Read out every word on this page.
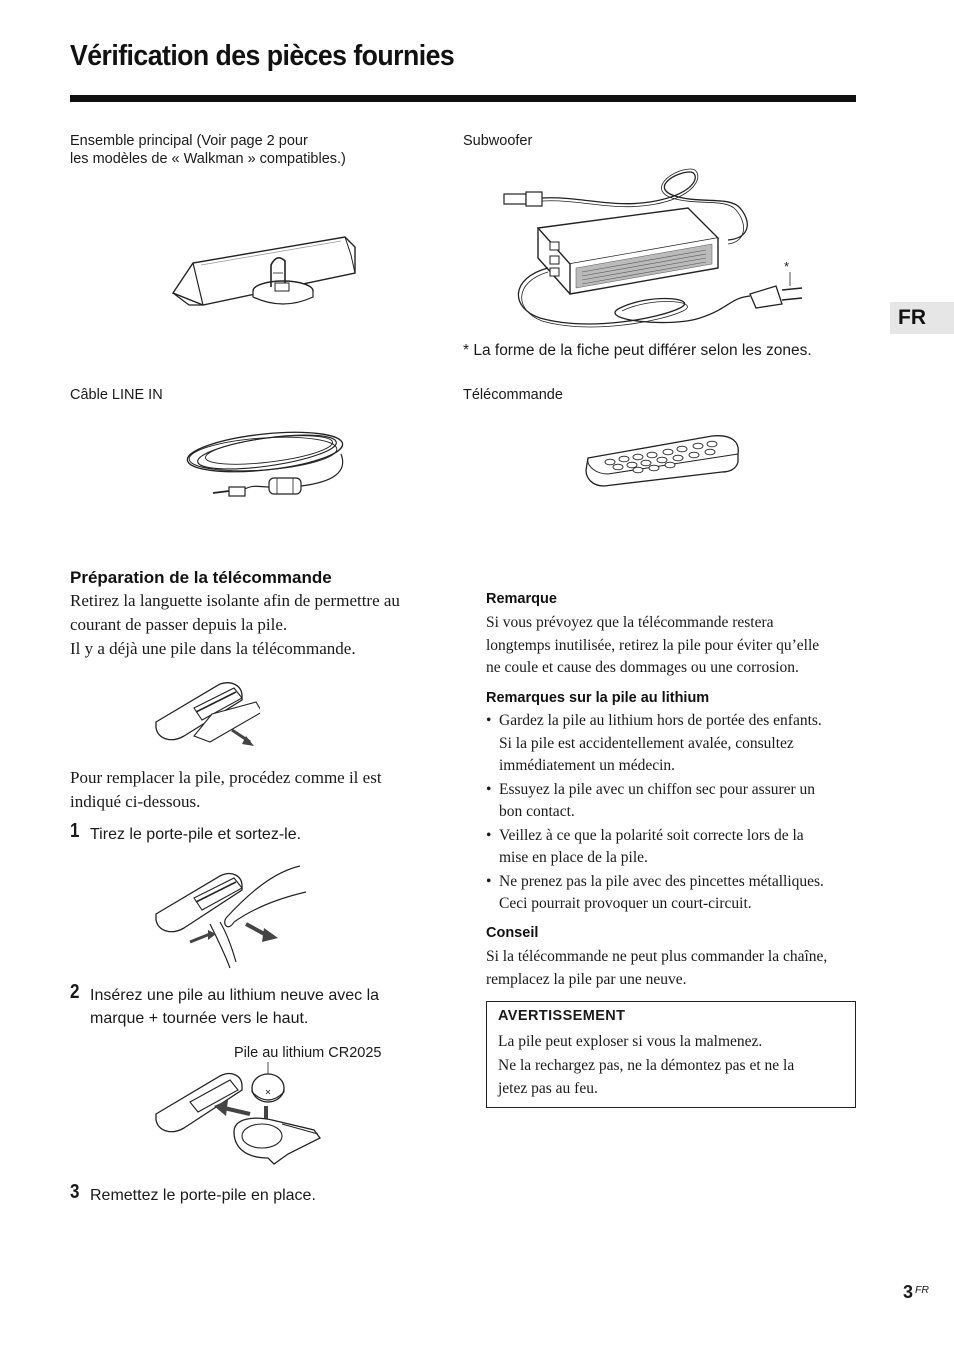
Vérification des pièces fournies
FR
Ensemble principal (Voir page 2 pour
les modèles de « Walkman » compatibles.)
Subwoofer
*
* La forme de la fiche peut différer selon les zones.
Câble LINE IN	Télécommande
Préparation de la télécommande
Retirez la languette isolante afin de permettre au
courant de passer depuis la pile.
Il y a déjà une pile dans la télécommande.
Pour remplacer la pile, procédez comme il est
indiqué ci-dessous.
1 Tirez le porte-pile et sortez-le.
2 Insérez une pile au lithium neuve avec la
marque + tournée vers le haut.
Pile au lithium CR2025
3 Remettez le porte-pile en place.
Remarque
Si vous prévoyez que la télécommande restera
longtemps inutilisée, retirez la pile pour éviter qu’elle
ne coule et cause des dommages ou une corrosion.
Remarques sur la pile au lithium
• Gardez la pile au lithium hors de portée des enfants.
Si la pile est accidentellement avalée, consultez
immédiatement un médecin.
• Essuyez la pile avec un chiffon sec pour assurer un
bon contact.
• Veillez à ce que la polarité soit correcte lors de la
mise en place de la pile.
• Ne prenez pas la pile avec des pincettes métalliques.
Ceci pourrait provoquer un court-circuit.
Conseil
Si la télécommande ne peut plus commander la chaîne,
remplacez la pile par une neuve.
AVERTISSEMENT
La pile peut exploser si vous la malmenez.
Ne la rechargez pas, ne la démontez pas et ne la
jetez pas au feu.
3 FR
